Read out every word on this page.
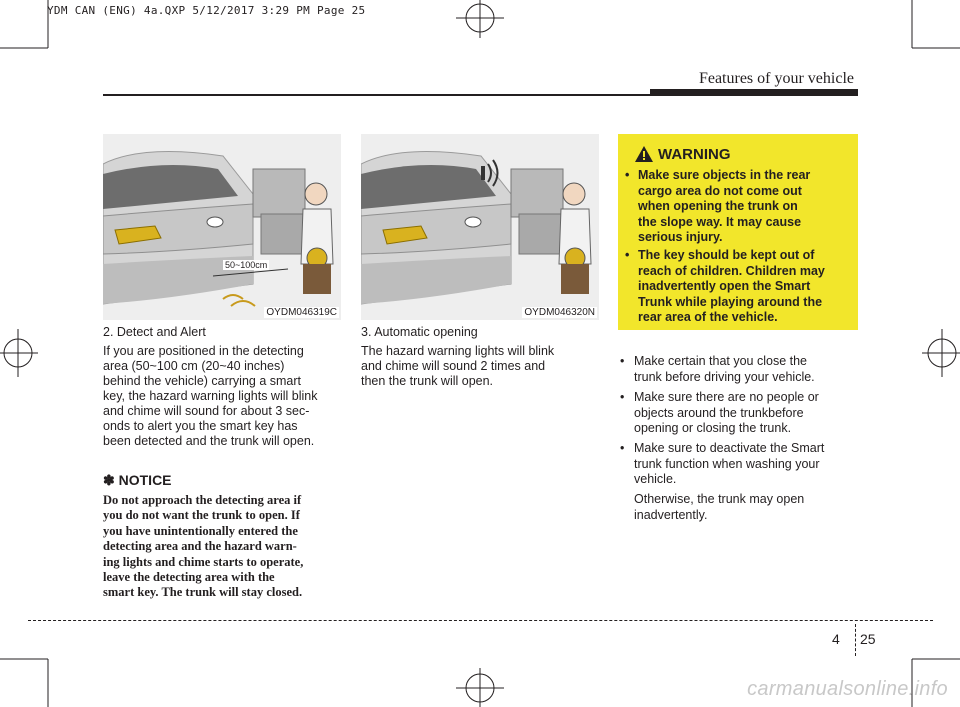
YDM CAN (ENG) 4a.QXP 5/12/2017 3:29 PM Page 25
Features of your vehicle
50~100cm
OYDM046319C	OYDM046320N
2. Detect and Alert
If you are positioned in the detecting
area (50~100 cm (20~40 inches)
behind the vehicle) carrying a smart
key, the hazard warning lights will blink
and chime will sound for about 3 sec-
onds to alert you the smart key has
been detected and the trunk will open.
✽ NOTICE
Do not approach the detecting area if
you do not want the trunk to open. If
you have unintentionally entered the
detecting area and the hazard warn-
ing lights and chime starts to operate,
leave the detecting area with the
smart key. The trunk will stay closed.
3. Automatic opening
The hazard warning lights will blink
and chime will sound 2 times and
then the trunk will open.
WARNING
• Make sure objects in the rear
cargo area do not come out
when opening the trunk on
the slope way. It may cause
serious injury.
• The key should be kept out of
reach of children. Children may
inadvertently open the Smart
Trunk while playing around the
rear area of the vehicle.
• Make certain that you close the
trunk before driving your vehicle.
• Make sure there are no people or
objects around the trunkbefore
opening or closing the trunk.
• Make sure to deactivate the Smart
trunk function when washing your
vehicle.
Otherwise, the trunk may open
inadvertently.
4 25
carmanualsonline.info
